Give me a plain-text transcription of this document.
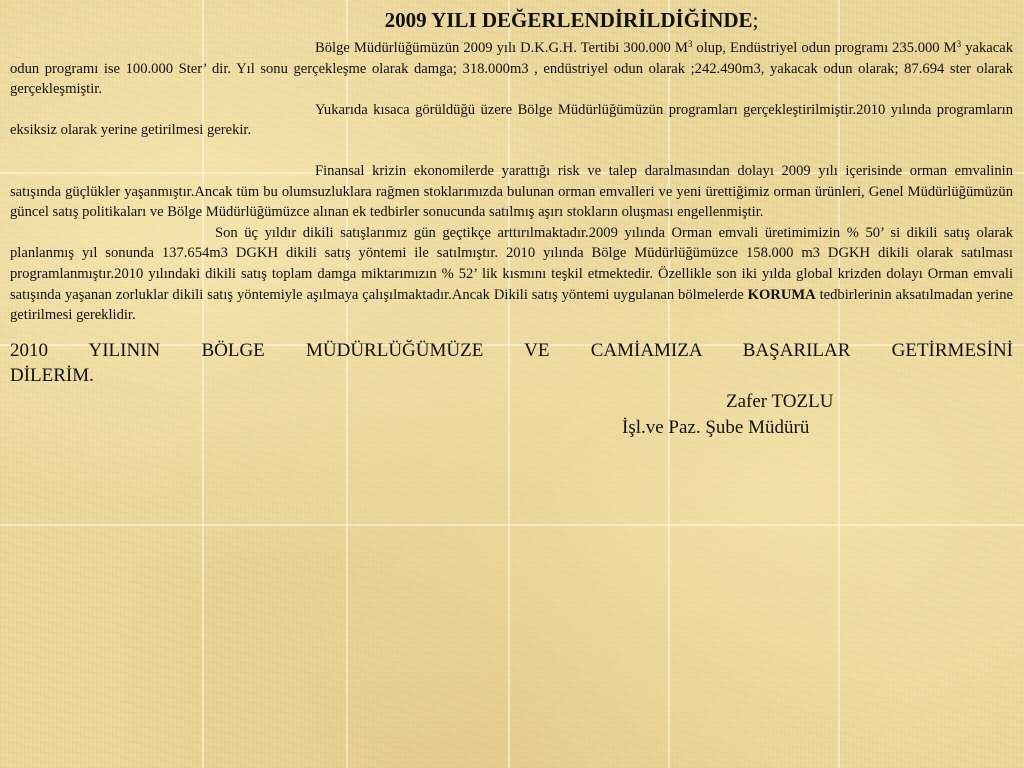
2009 YILI DEĞERLENDİRİLDİĞİNDE;

Bölge Müdürlüğümüzün 2009 yılı D.K.G.H. Tertibi 300.000 $M^3$ olup, Endüstriyel odun programı 235.000 $M^3$ yakacak odun programı ise 100.000 Ster’ dir. Yıl sonu gerçekleşme olarak damga; 318.000m3 , endüstriyel odun olarak ;242.490m3, yakacak odun olarak; 87.694 ster olarak gerçekleşmiştir.

Yukarıda kısaca görüldüğü üzere Bölge Müdürlüğümüzün programları gerçekleştirilmiştir.2010 yılında programların eksiksiz olarak yerine getirilmesi gerekir.

Finansal krizin ekonomilerde yarattığı risk ve talep daralmasından dolayı 2009 yılı içerisinde orman emvalinin satışında güçlükler yaşanmıştır.Ancak tüm bu olumsuzluklara rağmen stoklarımızda bulunan orman emvalleri ve yeni ürettiğimiz orman ürünleri, Genel Müdürlüğümüzün güncel satış politikaları ve Bölge Müdürlüğümüzce alınan ek tedbirler sonucunda satılmış aşırı stokların oluşması engellenmiştir.

Son üç yıldır dikili satışlarımız gün geçtikçe arttırılmaktadır.2009 yılında Orman emvali üretimimizin % 50’ si dikili satış olarak planlanmış yıl sonunda 137.654m3 DGKH dikili satış yöntemi ile satılmıştır. 2010 yılında Bölge Müdürlüğümüzce 158.000 m3 DGKH dikili olarak satılması programlanmıştır.2010 yılındaki dikili satış toplam damga miktarımızın % 52’ lik kısmını teşkil etmektedir. Özellikle son iki yılda global krizden dolayı Orman emvali satışında yaşanan zorluklar dikili satış yöntemiyle aşılmaya çalışılmaktadır.Ancak Dikili satış yöntemi uygulanan bölmelerde KORUMA tedbirlerinin aksatılmadan yerine getirilmesi gereklidir.

2010 YILININ BÖLGE MÜDÜRLÜĞÜMÜZE VE CAMİAMIZA BAŞARILAR GETİRMESİNİ

DİLERİM.

Zafer TOZLU
İşl.ve Paz. Şube Müdürü
